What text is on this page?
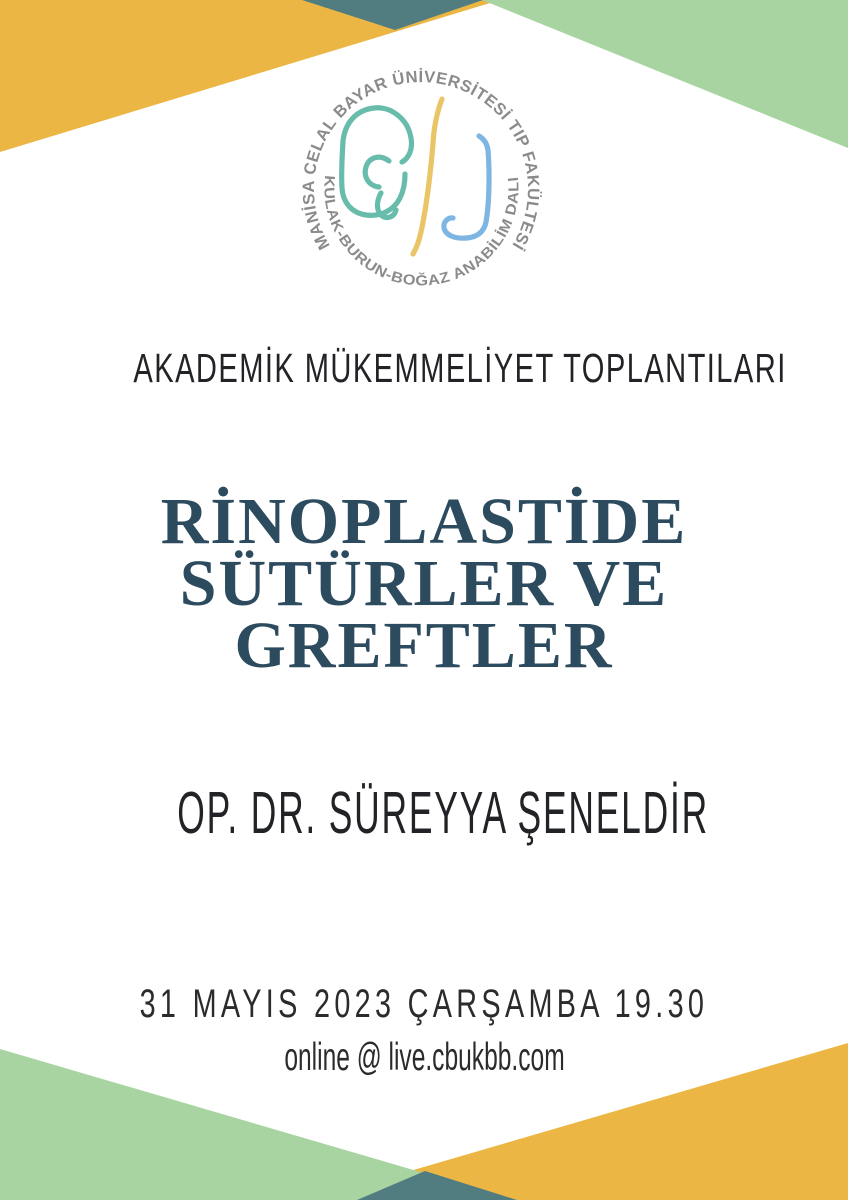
MANİSA CELAL BAYAR ÜNİVERSİTESİ TIP FAKÜLTESİ
KULAK-BURUN-BOĞAZ ANABİLİM DALI
AKADEMİK MÜKEMMELİYET TOPLANTILARI
RİNOPLASTİDE
SÜTÜRLER VE
GREFTLER
OP. DR. SÜREYYA ŞENELDİR
31 MAYIS 2023 ÇARŞAMBA 19.30
online @ live.cbukbb.com
